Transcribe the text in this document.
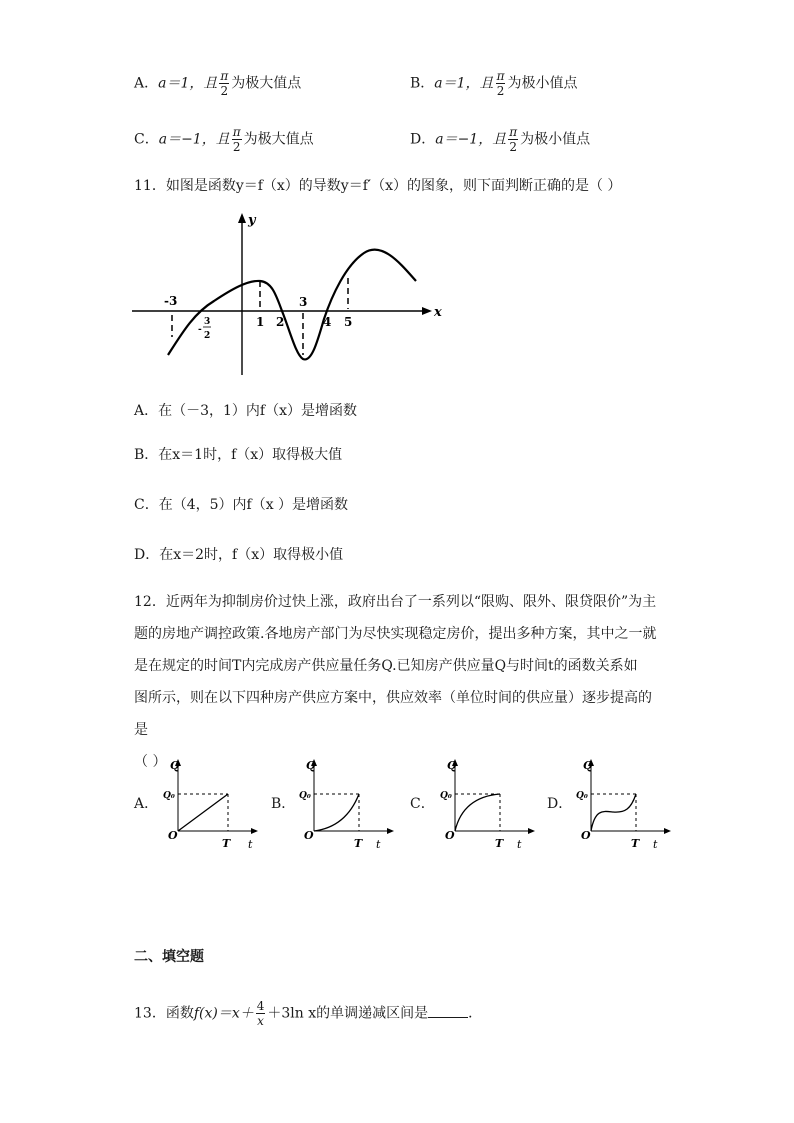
A．a＝1，且 $\frac{\pi}{2}$ 为极大值点	B．a＝1，且 $\frac{\pi}{2}$ 为极小值点
C．a＝−1，且 $\frac{\pi}{2}$ 为极大值点	D．a＝−1，且 $\frac{\pi}{2}$ 为极小值点
11．如图是函数y＝f（x）的导数y＝f′（x）的图象，则下面判断正确的是（ ）
y
x
-3
-
3
2
1 2
3
4 5
A．在（－3，1）内f（x）是增函数
B．在x＝1时，f（x）取得极大值
C．在（4，5）内f（x ）是增函数
D．在x＝2时，f（x）取得极小值
12．近两年为抑制房价过快上涨，政府出台了一系列以“限购、限外、限贷限价”为主
题的房地产调控政策.各地房产部门为尽快实现稳定房价，提出多种方案，其中之一就
是在规定的时间T内完成房产供应量任务Q.已知房产供应量Q与时间t的函数关系如
图所示，则在以下四种房产供应方案中，供应效率（单位时间的供应量）逐步提高的是
（ ）
A．
Q
Q₀
O
T t
B．
Q
Q₀
O
T t
C．
Q
Q₀
O
T t
D．
Q
Q₀
O
T t
二、填空题
13．函数$f(x)=x+ \frac{4}{x} +3\ln$ x的单调递减区间是	．
